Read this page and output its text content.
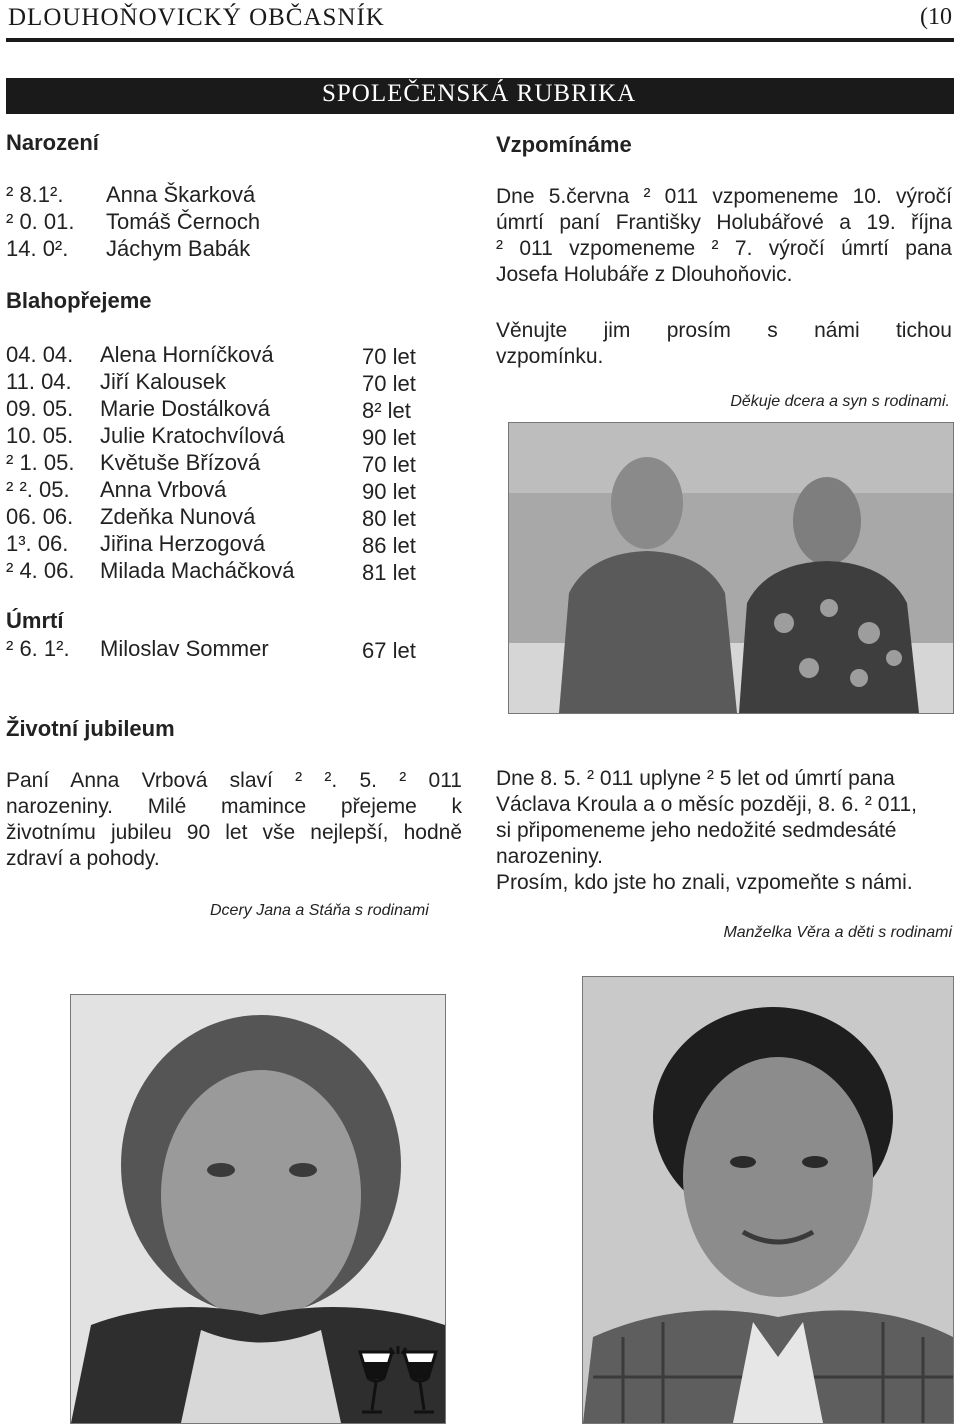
DLOUHOŇOVICKÝ OBČASNÍK	(10
SPOLEČENSKÁ RUBRIKA
Narození
² 8.1². Anna Škarková
² 0. 01. Tomáš Černoch
14. 0². Jáchym Babák
Blahopřejeme
04. 04. Alena Horníčková	70 let
11. 04. Jiří Kalousek	70 let
09. 05. Marie Dostálková	8² let
10. 05. Julie Kratochvílová	90 let
² 1. 05. Květuše Břízová	70 let
² ². 05. Anna Vrbová	90 let
06. 06. Zdeňka Nunová	80 let
1³. 06. Jiřina Herzogová	86 let
² 4. 06. Milada Macháčková	81 let
Úmrtí
² 6. 1². Miloslav Sommer	67 let
Vzpomínáme
Dne 5.června ² 011 vzpomeneme 10. výročí
úmrtí paní Františky Holubářové a 19. října
² 011 vzpomeneme ² 7. výročí úmrtí pana
Josefa Holubáře z Dlouhoňovic.
Věnujte jim prosím s námi tichou
vzpomínku.
Děkuje dcera a syn s rodinami.
Životní jubileum
Paní Anna Vrbová slaví ² ². 5. ² 011
narozeniny. Milé mamince přejeme k
životnímu jubileu 90 let vše nejlepší, hodně
zdraví a pohody.
Dcery Jana a Stáňa s rodinami
Dne 8. 5. ² 011 uplyne ² 5 let od úmrtí pana
Václava Kroula a o měsíc později, 8. 6. ² 011,
si připomeneme jeho nedožité sedmdesáté
narozeniny.
Prosím, kdo jste ho znali, vzpomeňte s námi.
Manželka Věra a děti s rodinami
